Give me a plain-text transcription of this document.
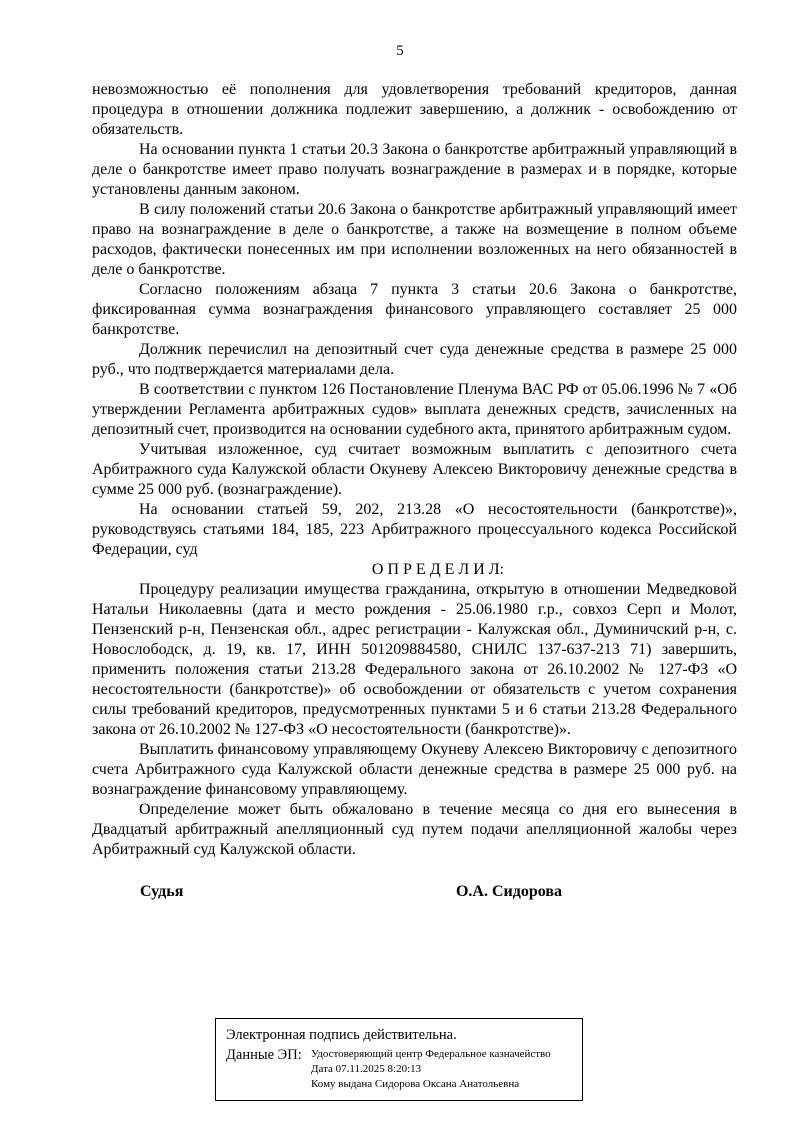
5

невозможностью её пополнения для удовлетворения требований кредиторов, данная процедура в отношении должника подлежит завершению, а должник - освобождению от обязательств.

На основании пункта 1 статьи 20.3 Закона о банкротстве арбитражный управляющий в деле о банкротстве имеет право получать вознаграждение в размерах и в порядке, которые установлены данным законом.

В силу положений статьи 20.6 Закона о банкротстве арбитражный управляющий имеет право на вознаграждение в деле о банкротстве, а также на возмещение в полном объеме расходов, фактически понесенных им при исполнении возложенных на него обязанностей в деле о банкротстве.

Согласно положениям абзаца 7 пункта 3 статьи 20.6 Закона о банкротстве, фиксированная сумма вознаграждения финансового управляющего составляет 25 000 банкротстве.

Должник перечислил на депозитный счет суда денежные средства в размере 25 000 руб., что подтверждается материалами дела.

В соответствии с пунктом 126 Постановление Пленума ВАС РФ от 05.06.1996 № 7 «Об утверждении Регламента арбитражных судов» выплата денежных средств, зачисленных на депозитный счет, производится на основании судебного акта, принятого арбитражным судом.

Учитывая изложенное, суд считает возможным выплатить с депозитного счета Арбитражного суда Калужской области Окуневу Алексею Викторовичу денежные средства в сумме 25 000 руб. (вознаграждение).

На основании статьей 59, 202, 213.28 «О несостоятельности (банкротстве)», руководствуясь статьями 184, 185, 223 Арбитражного процессуального кодекса Российской Федерации, суд

О П Р Е Д Е Л И Л:

Процедуру реализации имущества гражданина, открытую в отношении Медведковой Натальи Николаевны (дата и место рождения - 25.06.1980 г.р., совхоз Серп и Молот, Пензенский р-н, Пензенская обл., адрес регистрации - Калужская обл., Думиничский р-н, с. Новослободск, д. 19, кв. 17, ИНН 501209884580, СНИЛС 137-637-213 71) завершить, применить положения статьи 213.28 Федерального закона от 26.10.2002 № 127-ФЗ «О несостоятельности (банкротстве)» об освобождении от обязательств с учетом сохранения силы требований кредиторов, предусмотренных пунктами 5 и 6 статьи 213.28 Федерального закона от 26.10.2002 № 127-ФЗ «О несостоятельности (банкротстве)».

Выплатить финансовому управляющему Окуневу Алексею Викторовичу с депозитного счета Арбитражного суда Калужской области денежные средства в размере 25 000 руб. на вознаграждение финансовому управляющему.

Определение может быть обжаловано в течение месяца со дня его вынесения в Двадцатый арбитражный апелляционный суд путем подачи апелляционной жалобы через Арбитражный суд Калужской области.

Судья	О.А. Сидорова
Электронная подпись действительна.
Данные ЭП: Удостоверяющий центр Федеральное казначейство
Дата 07.11.2025 8:20:13
Кому выдана Сидорова Оксана Анатольевна
